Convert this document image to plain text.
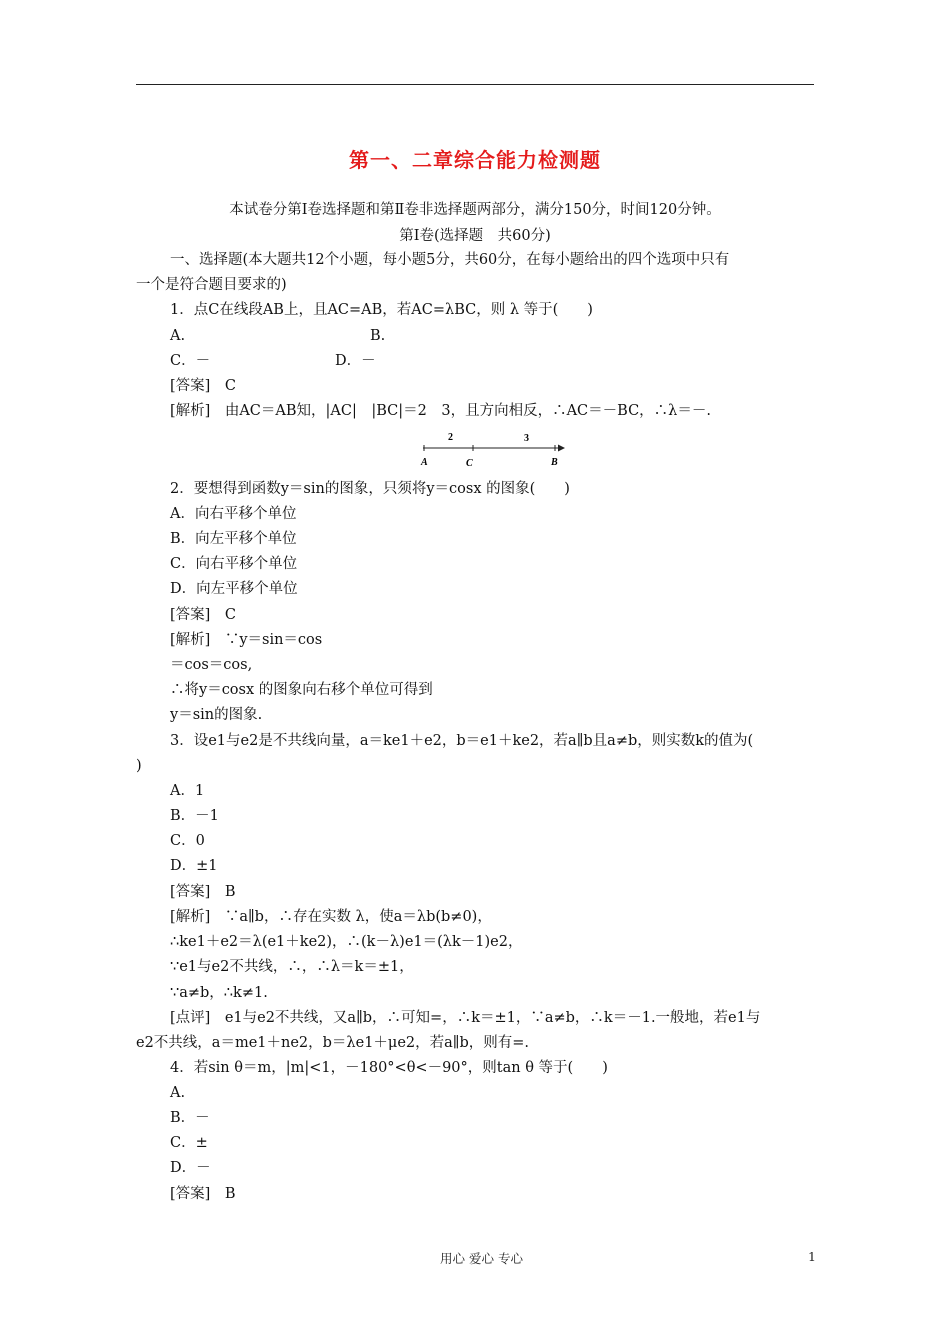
第一、二章综合能力检测题
本试卷分第Ⅰ卷选择题和第Ⅱ卷非选择题两部分，满分150分，时间120分钟。
第Ⅰ卷(选择题　共60分)
一、选择题(本大题共12个小题，每小题5分，共60分，在每小题给出的四个选项中只有
一个是符合题目要求的)
1．点C在线段AB上，且AC=AB，若AC=λBC，则 λ 等于(　　)
A.	B.
C．－	D．－
[答案]　C
[解析]　由AC＝AB知，|AC|　|BC|＝2　3，且方向相反，∴AC＝－BC，∴λ＝－.
2．要想得到函数y＝sin的图象，只须将y＝cosx 的图象(　　)
A．向右平移个单位
B．向左平移个单位
C．向右平移个单位
D．向左平移个单位
[答案]　C
[解析]　∵y＝sin＝cos
＝cos＝cos,
∴将y＝cosx 的图象向右移个单位可得到
y＝sin的图象.
3．设e1与e2是不共线向量，a＝ke1＋e2，b＝e1＋ke2，若a∥b且a≠b，则实数k的值为(
)
A．1
B．－1
C．0
D．±1
[答案]　B
[解析]　∵a∥b，∴存在实数 λ，使a＝λb(b≠0)，
∴ke1＋e2＝λ(e1＋ke2)，∴(k－λ)e1＝(λk－1)e2，
∵e1与e2不共线，∴，∴λ＝k＝±1，
∵a≠b，∴k≠1.
[点评]　e1与e2不共线，又a∥b，∴可知=，∴k＝±1，∵a≠b，∴k＝－1.一般地，若e1与
e2不共线，a＝me1＋ne2，b＝λe1＋μe2，若a∥b，则有=.
4．若sin θ＝m，|m|<1，－180°<θ<－90°，则tan θ 等于(　　)
A.
B．－
C．±
D．－
[答案]　B
2	3
A	C	B
用心 爱心 专心	1
